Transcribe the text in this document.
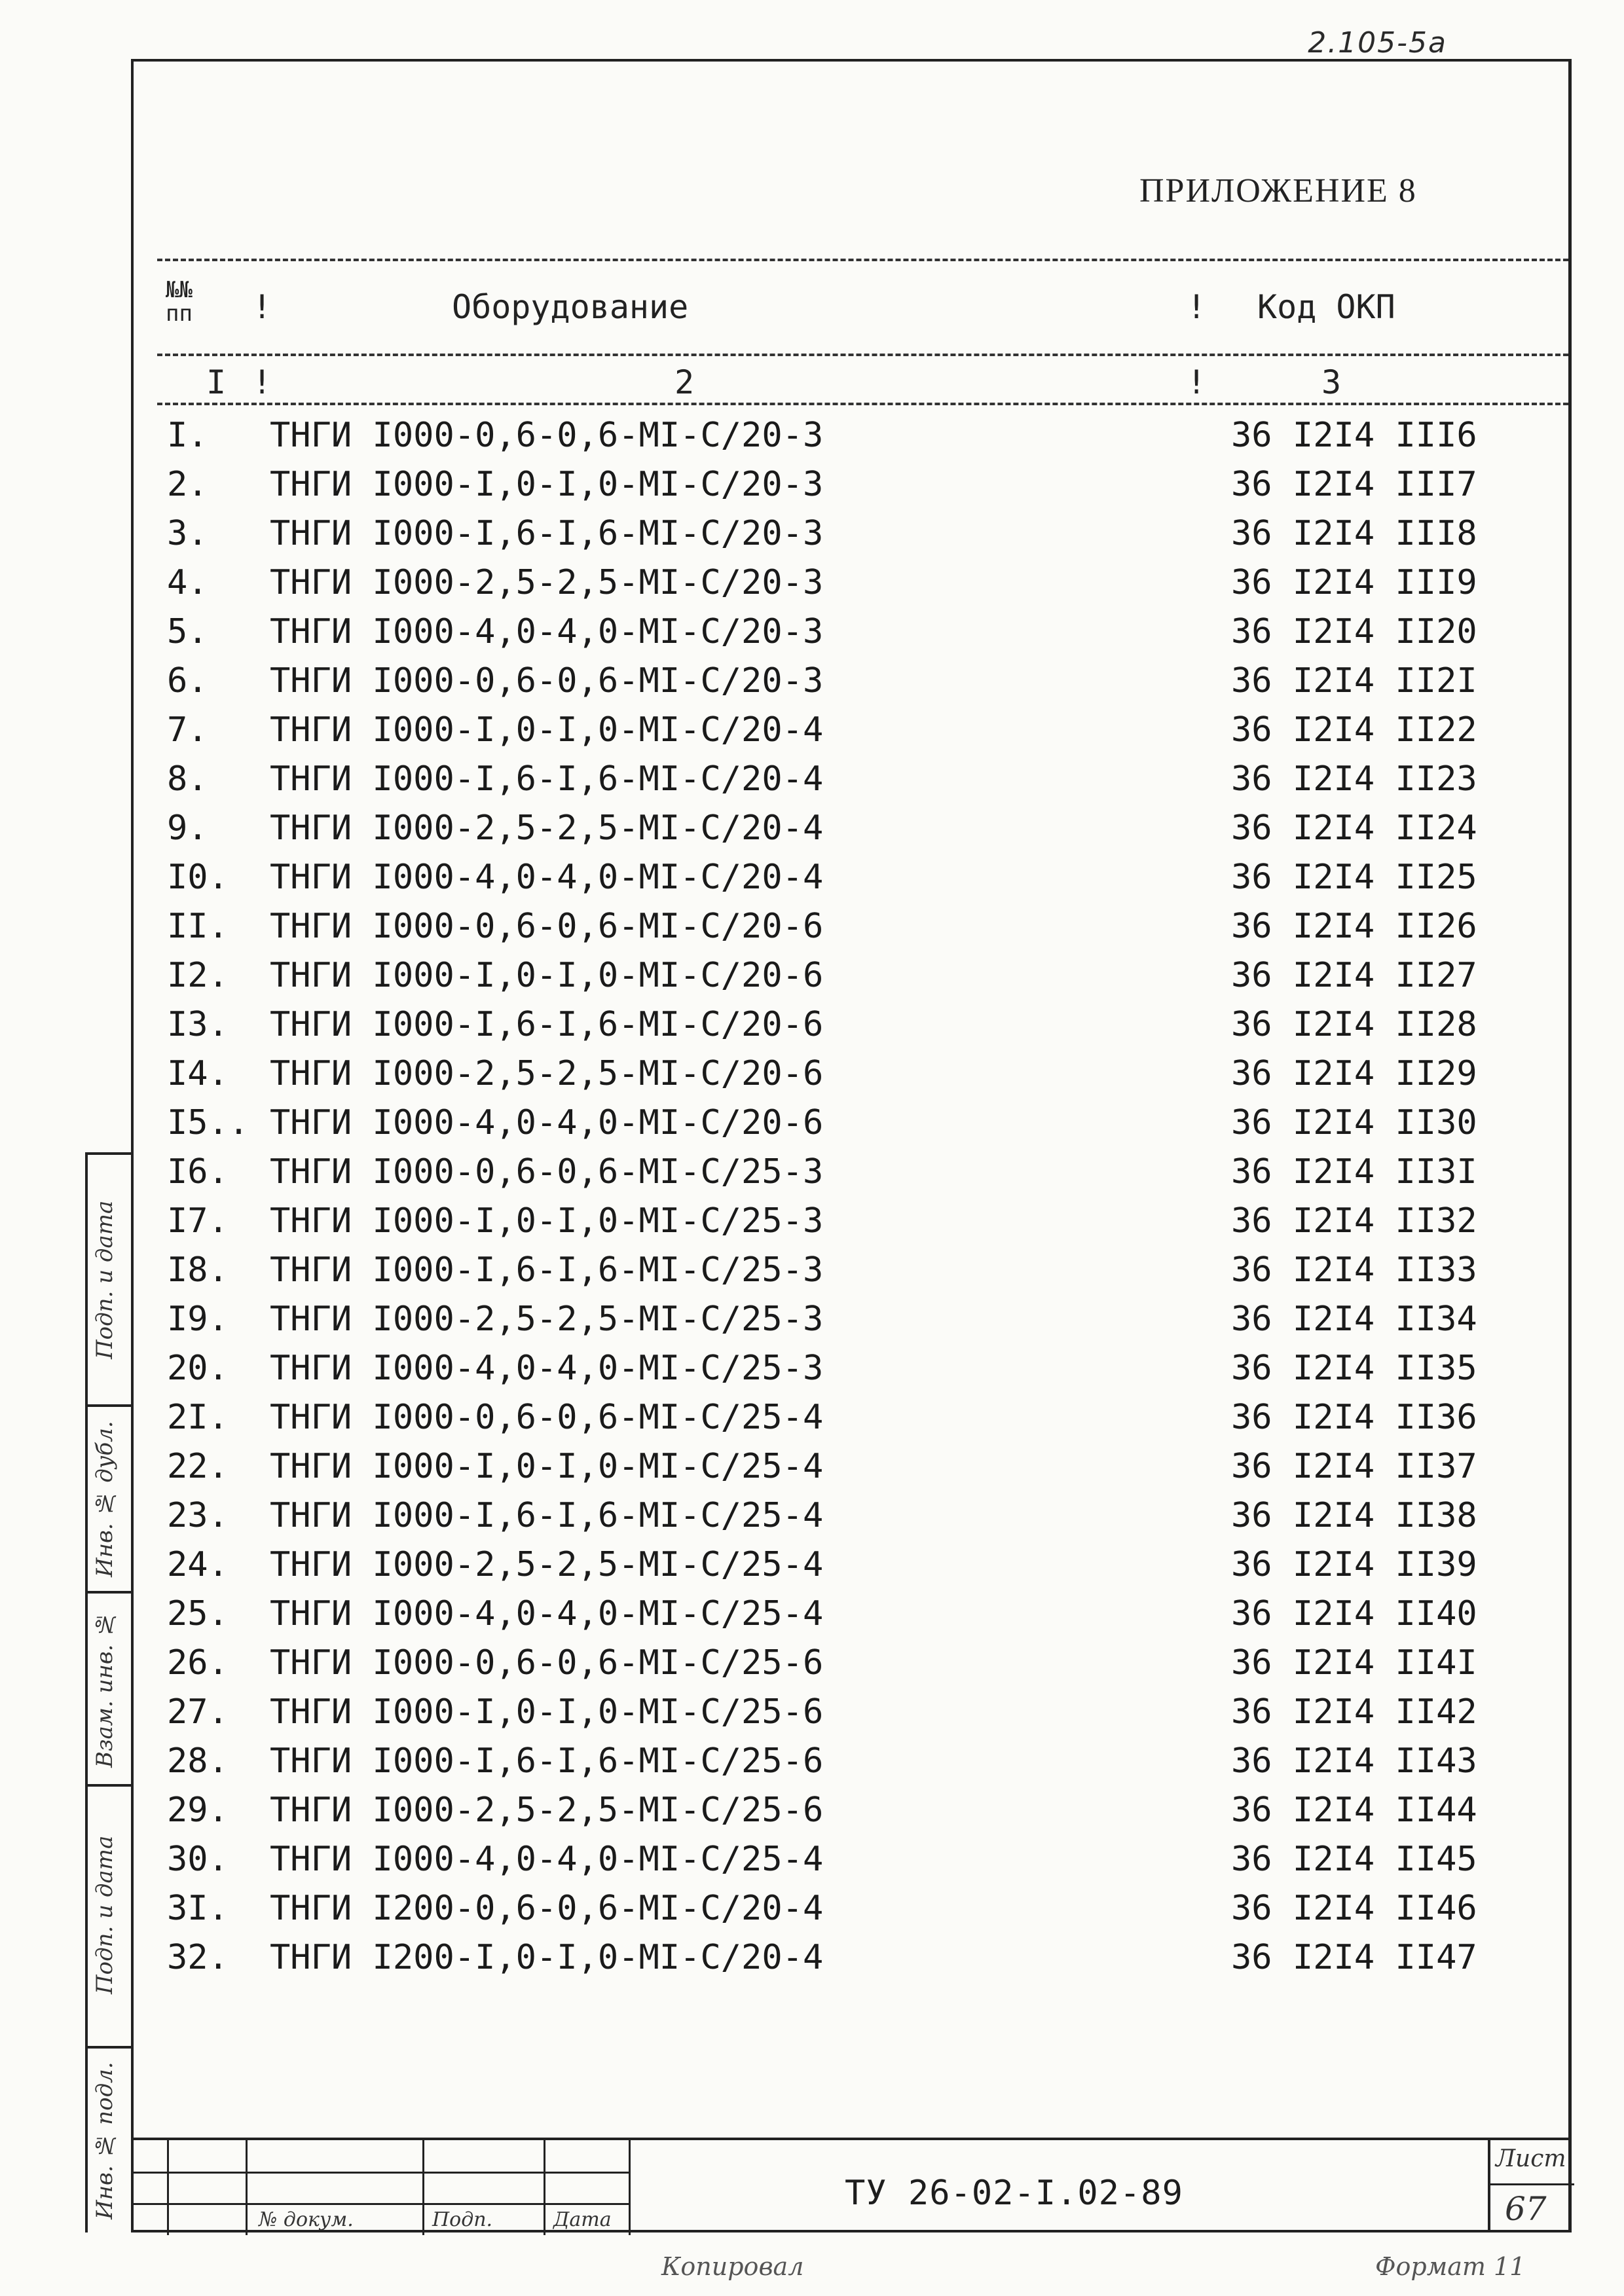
2.105-5а
ПРИЛОЖЕНИЕ 8
№№
пп !	Оборудование	! Код ОКП
I !	2	!	3
I. ТНГИ I000-0,6-0,6-МI-С/20-3	36 I2I4 III6
2. ТНГИ I000-I,0-I,0-МI-С/20-3	36 I2I4 III7
3. ТНГИ I000-I,6-I,6-МI-С/20-3	36 I2I4 III8
4. ТНГИ I000-2,5-2,5-МI-С/20-3	36 I2I4 III9
5. ТНГИ I000-4,0-4,0-МI-С/20-3	36 I2I4 II20
6. ТНГИ I000-0,6-0,6-МI-С/20-3	36 I2I4 II2I
7. ТНГИ I000-I,0-I,0-МI-С/20-4	36 I2I4 II22
8. ТНГИ I000-I,6-I,6-МI-С/20-4	36 I2I4 II23
9. ТНГИ I000-2,5-2,5-МI-С/20-4	36 I2I4 II24
I0. ТНГИ I000-4,0-4,0-МI-С/20-4	36 I2I4 II25
II. ТНГИ I000-0,6-0,6-МI-С/20-6	36 I2I4 II26
I2. ТНГИ I000-I,0-I,0-МI-С/20-6	36 I2I4 II27
I3. ТНГИ I000-I,6-I,6-МI-С/20-6	36 I2I4 II28
I4. ТНГИ I000-2,5-2,5-МI-С/20-6	36 I2I4 II29
I5.. ТНГИ I000-4,0-4,0-МI-С/20-6	36 I2I4 II30
I6. ТНГИ I000-0,6-0,6-МI-С/25-3	36 I2I4 II3I
I7. ТНГИ I000-I,0-I,0-МI-С/25-3	36 I2I4 II32
I8. ТНГИ I000-I,6-I,6-МI-С/25-3	36 I2I4 II33
I9. ТНГИ I000-2,5-2,5-МI-С/25-3	36 I2I4 II34
20. ТНГИ I000-4,0-4,0-МI-С/25-3	36 I2I4 II35
2I. ТНГИ I000-0,6-0,6-МI-С/25-4	36 I2I4 II36
22. ТНГИ I000-I,0-I,0-МI-С/25-4	36 I2I4 II37
23. ТНГИ I000-I,6-I,6-МI-С/25-4	36 I2I4 II38
24. ТНГИ I000-2,5-2,5-МI-С/25-4	36 I2I4 II39
25. ТНГИ I000-4,0-4,0-МI-С/25-4	36 I2I4 II40
26. ТНГИ I000-0,6-0,6-МI-С/25-6	36 I2I4 II4I
27. ТНГИ I000-I,0-I,0-МI-С/25-6	36 I2I4 II42
28. ТНГИ I000-I,6-I,6-МI-С/25-6	36 I2I4 II43
29. ТНГИ I000-2,5-2,5-МI-С/25-6	36 I2I4 II44
30. ТНГИ I000-4,0-4,0-МI-С/25-4	36 I2I4 II45
3I. ТНГИ I200-0,6-0,6-МI-С/20-4	36 I2I4 II46
32. ТНГИ I200-I,0-I,0-МI-С/20-4	36 I2I4 II47
Подп. и дата
Инв. № дубл.
Взам. инв. №
Подп. и дата
Инв. № подл.
№ докум.	Подп.	Дата
ТУ 26-02-I.02-89
Лист
67
Копировал	Формат 11
